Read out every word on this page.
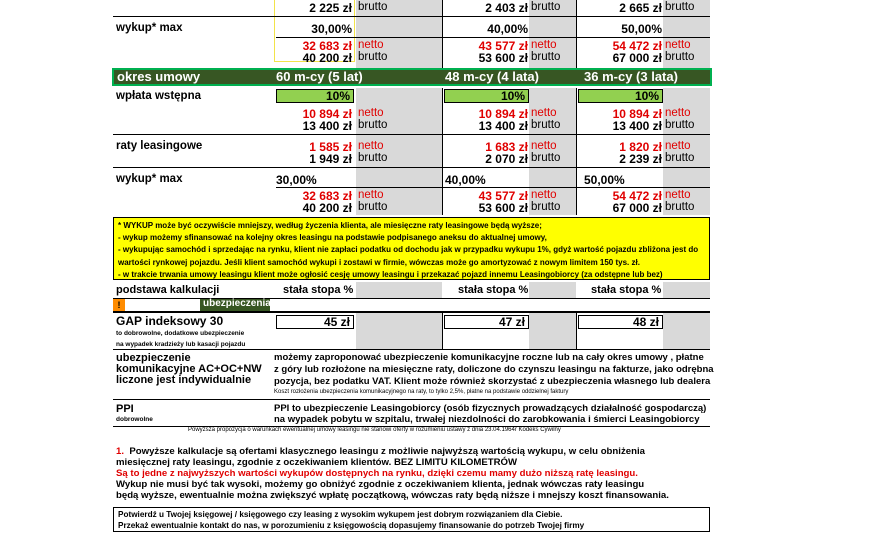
2 225 zł brutto	2 403 zł brutto	2 665 zł brutto
wykup* max	30,00%	40,00%	50,00%
32 683 zł netto	43 577 zł netto	54 472 zł netto
40 200 zł brutto	53 600 zł brutto	67 000 zł brutto
okres umowy	60 m-cy (5 lat)	48 m-cy (4 lata)	36 m-cy (3 lata)
wpłata wstępna	10%	10%	10%
10 894 zł netto	10 894 zł netto	10 894 zł netto
13 400 zł brutto	13 400 zł brutto	13 400 zł brutto
raty leasingowe	1 585 zł netto	1 683 zł netto	1 820 zł netto
1 949 zł brutto	2 070 zł brutto	2 239 zł brutto
wykup* max	30,00%	40,00%	50,00%
32 683 zł netto	43 577 zł netto	54 472 zł netto
40 200 zł brutto	53 600 zł brutto	67 000 zł brutto
* WYKUP może być oczywiście mniejszy, według życzenia klienta, ale miesięczne raty leasingowe będą wyższe;
- wykup możemy sfinansować na kolejny okres leasingu na podstawie podpisanego aneksu do aktualnej umowy,
- wykupując samochód i sprzedając na rynku, klient nie zapłaci podatku od dochodu jak w przypadku wykupu 1%, gdyż wartość pojazdu zbliżona jest do
wartości rynkowej pojazdu. Jeśli klient samochód wykupi i zostawi w firmie, wówczas może go amortyzować z nowym limitem 150 tys. zł.
- w trakcie trwania umowy leasingu klient może ogłosić cesję umowy leasingu i przekazać pojazd innemu Leasingobiorcy (za odstępne lub bez)
podstawa kalkulacji	stała stopa %	stała stopa %	stała stopa %
!	ubezpieczenia
GAP indeksowy 30
to dobrowolne, dodatkowe ubezpieczenie
na wypadek kradzieży lub kasacji pojazdu
45 zł	47 zł	48 zł
ubezpieczenie
komunikacyjne AC+OC+NW
liczone jest indywidualnie
możemy zaproponować ubezpieczenie komunikacyjne roczne lub na cały okres umowy , płatne
z góry lub rozłożone na miesięczne raty, doliczone do czynszu leasingu na fakturze, jako odrębna
pozycja, bez podatku VAT. Klient może również skorzystać z ubezpieczenia własnego lub dealera
Koszt rozłożenia ubezpieczenia komunikacyjnego na raty, to tylko 2,5%, płatne na podstawie oddzielnej faktury
PPI
dobrowolne
PPI to ubezpieczenie Leasingobiorcy (osób fizycznych prowadzących działalność gospodarczą)
na wypadek pobytu w szpitalu, trwałej niezdolności do zarobkowania i śmierci Leasingobiorcy
Powyższa propozycja o warunkach ewentualnej umowy leasingu nie stanowi oferty w rozumieniu ustawy z dnia 23.04.1964r Kodeks Cywilny
1. Powyższe kalkulacje są ofertami klasycznego leasingu z możliwie najwyższą wartością wykupu, w celu obniżenia
miesięcznej raty leasingu, zgodnie z oczekiwaniem klientów. BEZ LIMITU KILOMETRÓW
Są to jedne z najwyższych wartości wykupów dostępnych na rynku, dzięki czemu mamy dużo niższą ratę leasingu.
Wykup nie musi być tak wysoki, możemy go obniżyć zgodnie z oczekiwaniem klienta, jednak wówczas raty leasingu
będą wyższe, ewentualnie można zwiększyć wpłatę początkową, wówczas raty będą niższe i mnejszy koszt finansowania.
Potwierdź u Twojej księgowej / księgowego czy leasing z wysokim wykupem jest dobrym rozwiązaniem dla Ciebie.
Przekaż ewentualnie kontakt do nas, w porozumieniu z księgowością dopasujemy finansowanie do potrzeb Twojej firmy
